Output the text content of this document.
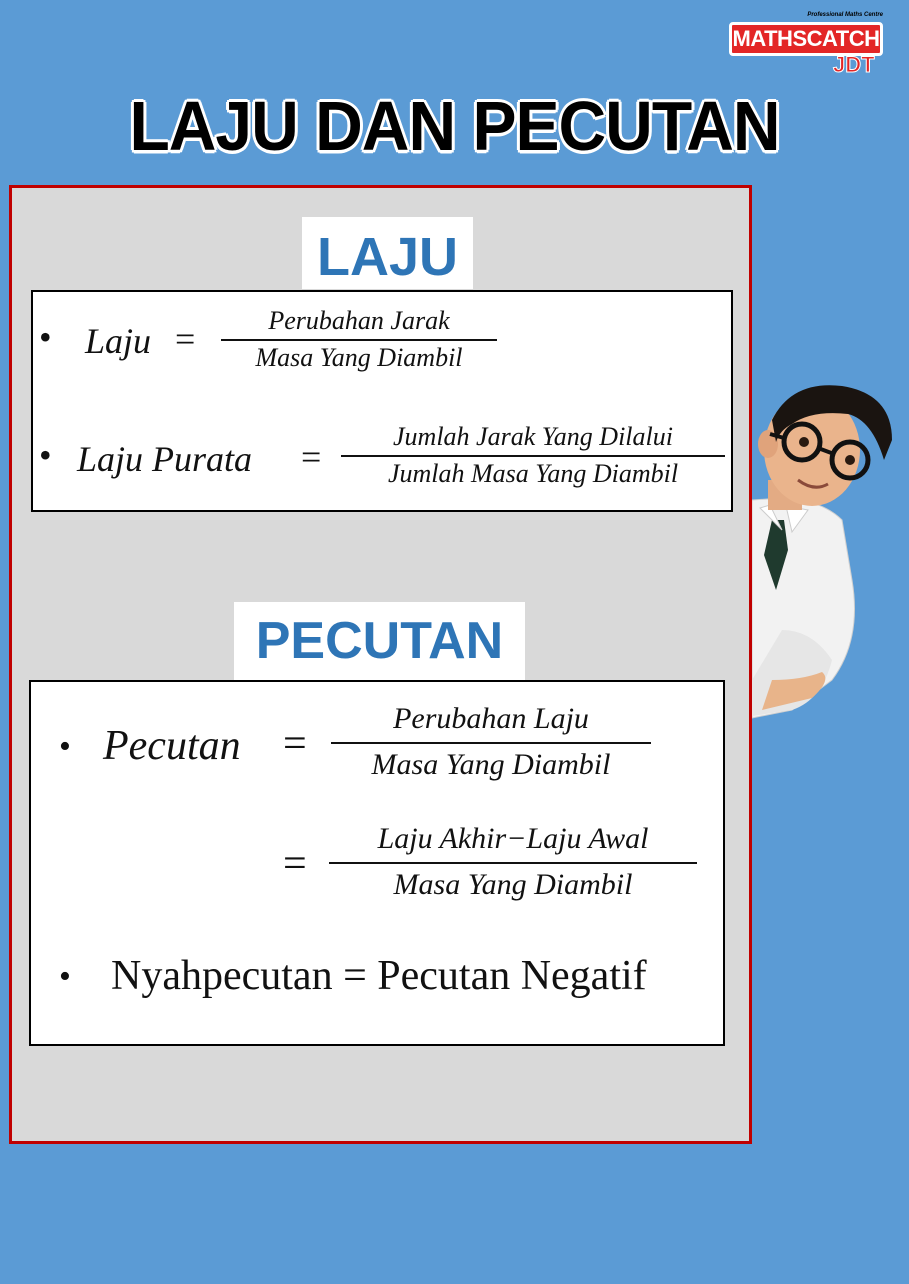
Professional Maths Centre
MATHSCATCH
JDT
LAJU DAN PECUTAN
LAJU
• Laju =	Perubahan Jarak
Masa Yang Diambil
• Laju Purata =
Jumlah Jarak Yang Dilalui
Jumlah Masa Yang Diambil
PECUTAN
• Pecutan =
Perubahan Laju
Masa Yang Diambil
=
Laju Akhir−Laju Awal
Masa Yang Diambil
• Nyahpecutan = Pecutan Negatif
